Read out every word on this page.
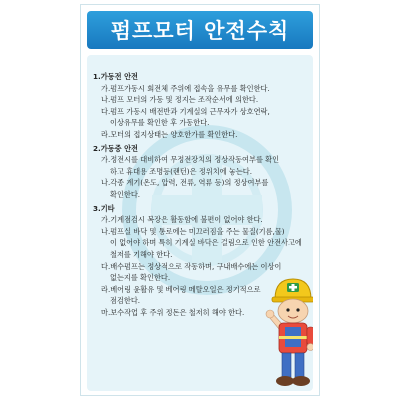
펌프모터 안전수칙
1.가동전 안전
가.펌프가동시 회전체 주위에 접속을 유무를 확인한다.
나.펌프 모터의 가동 및 정지는 조작순서에 의한다.
다.펌프 가동시 배전반과 기계실의 근무자가 상호연락,
이상유무를 확인한 후 가동한다.
라.모터의 접지상태는 양호한가를 확인한다.
2.가동중 안전
가.정전시를 대비하여 무정전장치의 정상작동여부를 확인
하고 휴대용 조명등(랜턴)은 정위치에 놓는다.
나.각종 계기(온도, 압력, 전류, 역류 등)의 정상여부를
확인한다.
3.기타
가.기계점검시 복장은 활동함에 불편이 없어야 한다.
나.펌프실 바닥 및 통로에는 미끄러짐을 주는 물질(기름,물)
이 없어야 하며 특히 기계실 바닥은 걸림으로 인한 안전사고에 철저를 기해야 한다.
다.배수펌프는 정상적으로 작동하며, 구내배수에는 이상이
없는지를 확인한다.
라.베어링 윤활유 및 베어링 메탈오일은 정기적으로
점검한다.
마.보수작업 후 주위 정돈은 철저히 해야 한다.
